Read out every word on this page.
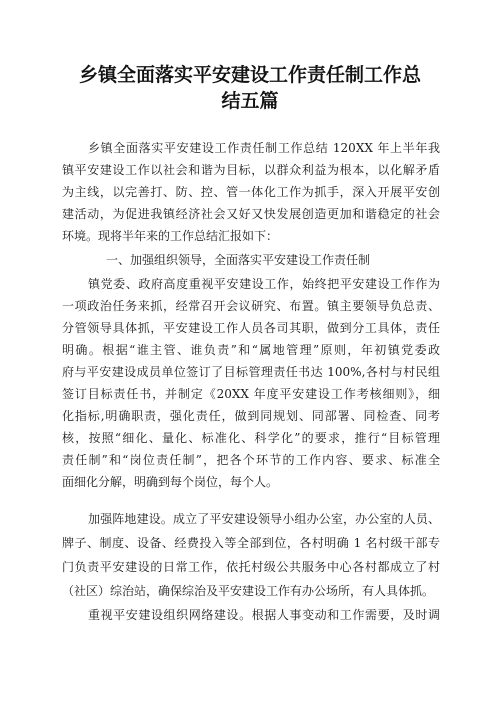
乡镇全面落实平安建设工作责任制工作总
结五篇

乡镇全面落实平安建设工作责任制工作总结 120XX 年上半年我

镇平安建设工作以社会和谐为目标，以群众利益为根本，以化解矛盾

为主线，以完善打、防、控、管一体化工作为抓手，深入开展平安创

建活动，为促进我镇经济社会又好又快发展创造更加和谐稳定的社会

环境。现将半年来的工作总结汇报如下：

一、加强组织领导，全面落实平安建设工作责任制

镇党委、政府高度重视平安建设工作，始终把平安建设工作作为

一项政治任务来抓，经常召开会议研究、布置。镇主要领导负总责、

分管领导具体抓，平安建设工作人员各司其职，做到分工具体，责任

明确。根据“谁主管、谁负责”和“属地管理”原则，年初镇党委政

府与平安建设成员单位签订了目标管理责任书达 100%,各村与村民组

签订目标责任书，并制定《20XX 年度平安建设工作考核细则》，细

化指标,明确职责，强化责任，做到同规划、同部署、同检查、同考

核，按照“细化、量化、标准化、科学化”的要求，推行“目标管理

责任制”和“岗位责任制”，把各个环节的工作内容、要求、标准全

面细化分解，明确到每个岗位，每个人。

加强阵地建设。成立了平安建设领导小组办公室，办公室的人员、

牌子、制度、设备、经费投入等全部到位，各村明确 1 名村级干部专

门负责平安建设的日常工作，依托村级公共服务中心各村都成立了村

（社区）综治站，确保综治及平安建设工作有办公场所，有人具体抓。

重视平安建设组织网络建设。根据人事变动和工作需要，及时调
